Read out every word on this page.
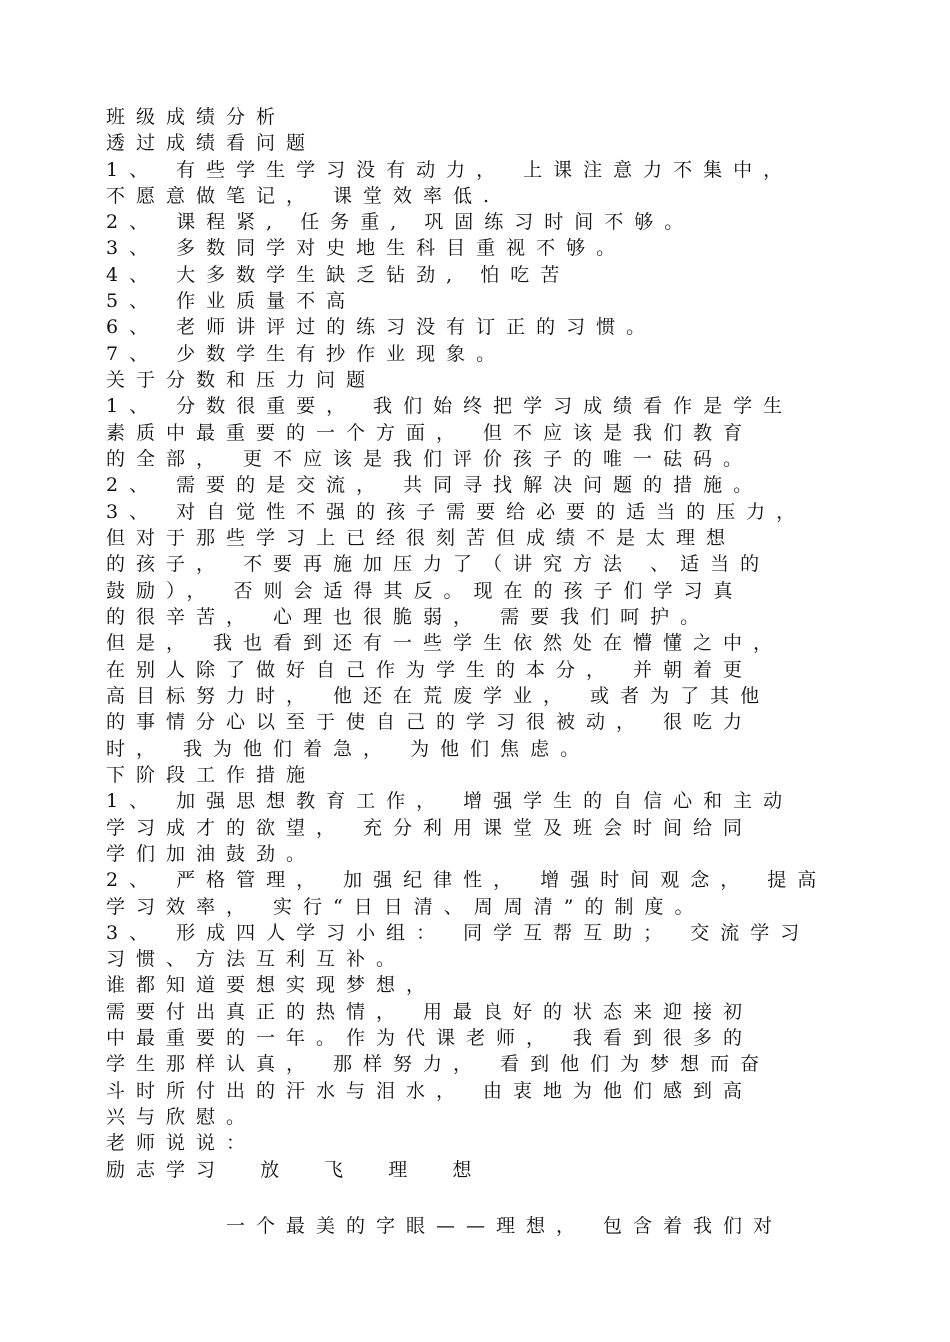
班级成绩分析
透过成绩看问题
1、 有些学生学习没有动力， 上课注意力不集中，
不愿意做笔记， 课堂效率低.
2、 课程紧, 任务重, 巩固练习时间不够。
3、 多数同学对史地生科目重视不够。
4、 大多数学生缺乏钻劲, 怕吃苦
5、 作业质量不高
6、 老师讲评过的练习没有订正的习惯。
7、 少数学生有抄作业现象。
关于分数和压力问题
1、 分数很重要， 我们始终把学习成绩看作是学生
素质中最重要的一个方面， 但不应该是我们教育
的全部， 更不应该是我们评价孩子的唯一砝码。
2、 需要的是交流， 共同寻找解决问题的措施。
3、 对自觉性不强的孩子需要给必要的适当的压力，
但对于那些学习上已经很刻苦但成绩不是太理想
的孩子， 不要再施加压力了（讲究方法 、适当的
鼓励）， 否则会适得其反。现在的孩子们学习真
的很辛苦， 心理也很脆弱， 需要我们呵护。
但是， 我也看到还有一些学生依然处在懵懂之中，
在别人除了做好自己作为学生的本分， 并朝着更
高目标努力时， 他还在荒废学业， 或者为了其他
的事情分心以至于使自己的学习很被动， 很吃力
时， 我为他们着急， 为他们焦虑。
下阶段工作措施
1、 加强思想教育工作， 增强学生的自信心和主动
学习成才的欲望， 充分利用课堂及班会时间给同
学们加油鼓劲。
2、 严格管理， 加强纪律性， 增强时间观念， 提高
学习效率， 实行“日日清、周周清”的制度。
3、 形成四人学习小组： 同学互帮互助； 交流学习
习惯、方法互利互补。
谁都知道要想实现梦想，
需要付出真正的热情， 用最良好的状态来迎接初
中最重要的一年。作为代课老师， 我看到很多的
学生那样认真， 那样努力， 看到他们为梦想而奋
斗时所付出的汗水与泪水， 由衷地为他们感到高
兴与欣慰。
老师说说：
励志学习  放  飞  理  想
一个最美的字眼——理想， 包含着我们对
